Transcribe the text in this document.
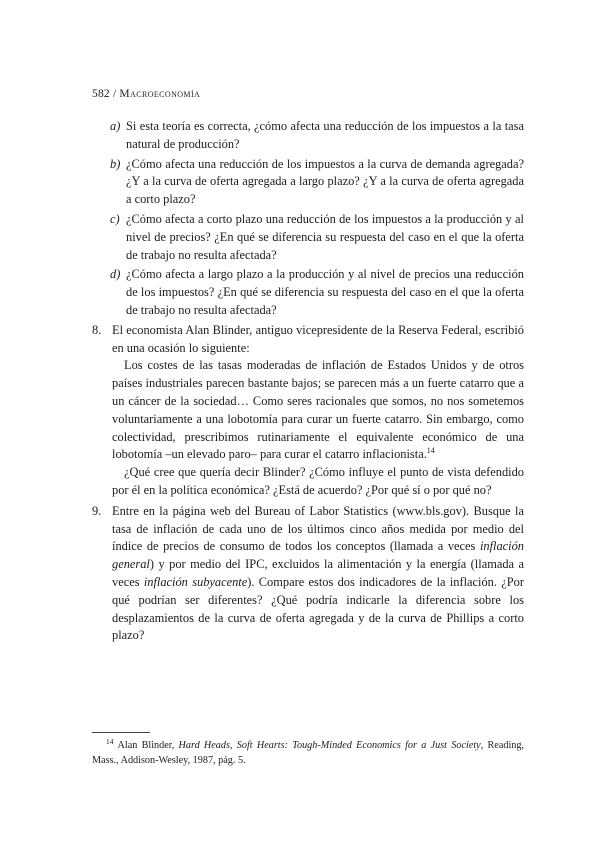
582 / Macroeconomía
a) Si esta teoría es correcta, ¿cómo afecta una reducción de los impuestos a la tasa natural de producción?
b) ¿Cómo afecta una reducción de los impuestos a la curva de demanda agregada? ¿Y a la curva de oferta agregada a largo plazo? ¿Y a la curva de oferta agregada a corto plazo?
c) ¿Cómo afecta a corto plazo una reducción de los impuestos a la producción y al nivel de precios? ¿En qué se diferencia su respuesta del caso en el que la oferta de trabajo no resulta afectada?
d) ¿Cómo afecta a largo plazo a la producción y al nivel de precios una reducción de los impuestos? ¿En qué se diferencia su respuesta del caso en el que la oferta de trabajo no resulta afectada?
8. El economista Alan Blinder, antiguo vicepresidente de la Reserva Federal, escribió en una ocasión lo siguiente:

Los costes de las tasas moderadas de inflación de Estados Unidos y de otros países industriales parecen bastante bajos; se parecen más a un fuerte catarro que a un cáncer de la sociedad… Como seres racionales que somos, no nos sometemos voluntariamente a una lobotomía para curar un fuerte catarro. Sin embargo, como colectividad, prescribimos rutinariamente el equivalente económico de una lobotomía –un elevado paro– para curar el catarro inflacionista.$^{14}$

¿Qué cree que quería decir Blinder? ¿Cómo influye el punto de vista defendido por él en la política económica? ¿Está de acuerdo? ¿Por qué sí o por qué no?

9. Entre en la página web del Bureau of Labor Statistics (www.bls.gov). Busque la tasa de inflación de cada uno de los últimos cinco años medida por medio del índice de precios de consumo de todos los conceptos (llamada a veces inflación general) y por medio del IPC, excluidos la alimentación y la energía (llamada a veces inflación subyacente). Compare estos dos indicadores de la inflación. ¿Por qué podrían ser diferentes? ¿Qué podría indicarle la diferencia sobre los desplazamientos de la curva de oferta agregada y de la curva de Phillips a corto plazo?
$^{14}$ Alan Blinder, Hard Heads, Soft Hearts: Tough-Minded Economics for a Just Society, Reading, Mass., Addison-Wesley, 1987, pág. 5.
